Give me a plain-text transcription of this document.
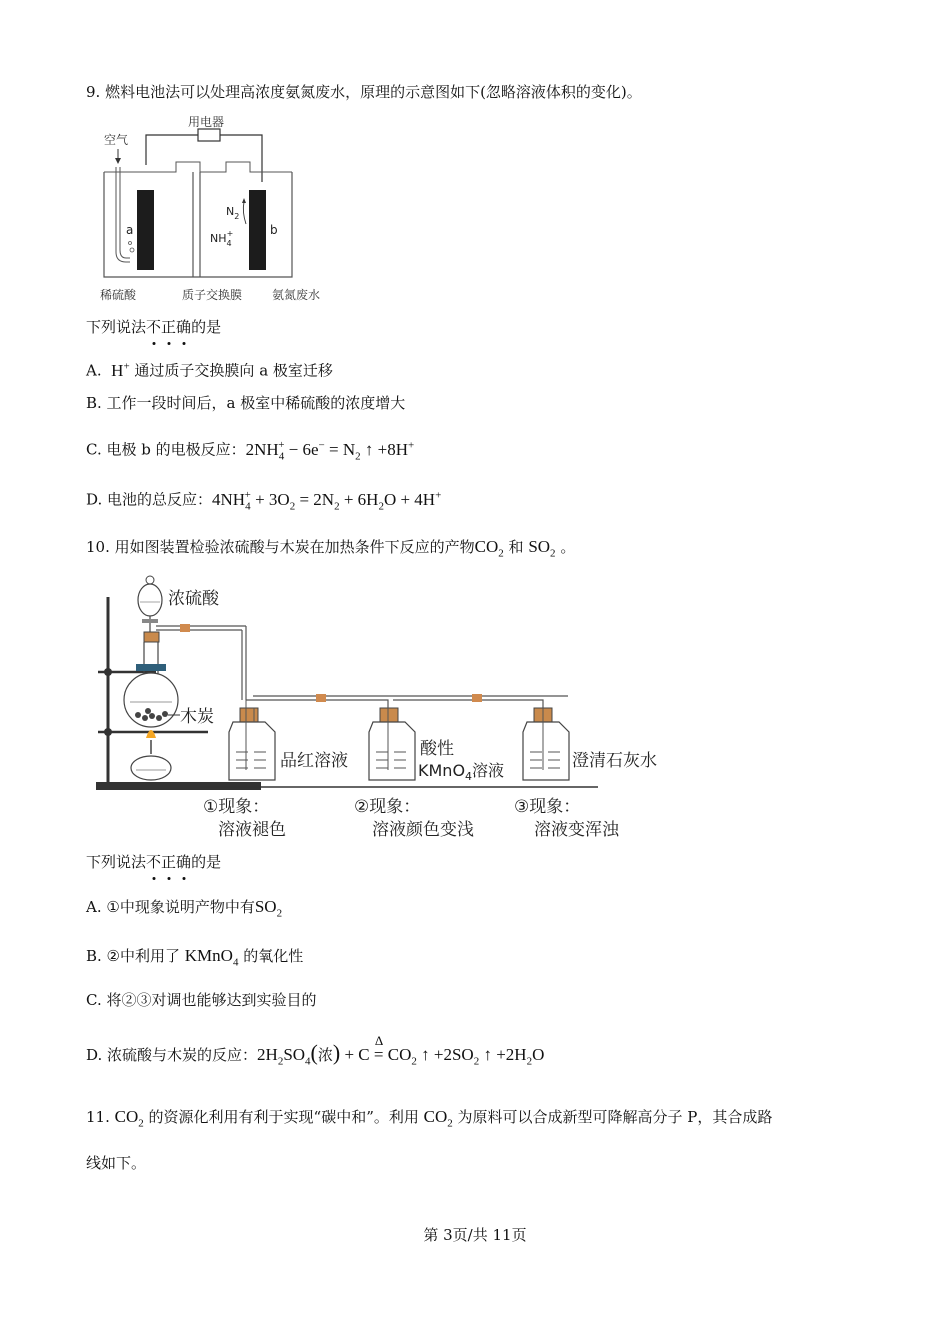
9. 燃料电池法可以处理高浓度氨氮废水，原理的示意图如下(忽略溶液体积的变化)。
用电器
空气
a	b
$N_2$
$NH_4+$
稀硫酸	质子交换膜 氨氮废水
下列说法不正确的是
A. H+ 通过质子交换膜向 a 极室迁移
B. 工作一段时间后，a 极室中稀硫酸的浓度增大
C. 电极 b 的电极反应：$2NH_4^+ - 6e^- = N_2$ ↑ +8H+
D. 电池的总反应：$4NH_4^+ + 3O_2 = 2N_2 + 6H_2O + 4H^+$
10. 用如图装置检验浓硫酸与木炭在加热条件下反应的产物$CO_2$ 和 $SO_2$ 。
浓硫酸
木炭
品红溶液
酸性
KMnO$_4$溶液	澄清石灰水
①现象：
溶液褪色
②现象：
溶液颜色变浅
③现象：
溶液变浑浊
下列说法不正确的是
A. ①中现象说明产物中有$SO_2$
B. ②中利用了 KMnO$_4$ 的氧化性
C. 将②③对调也能够达到实验目的
D. 浓硫酸与木炭的反应：$2H_2SO_4$(浓) + C =
Δ
$CO_2$ ↑ $+2SO_2$ ↑ $+2H_2O$
11. $CO_2$ 的资源化利用有利于实现“碳中和”。利用 $CO_2$ 为原料可以合成新型可降解高分子 P，其合成路
线如下。
第 3页/共 11页
